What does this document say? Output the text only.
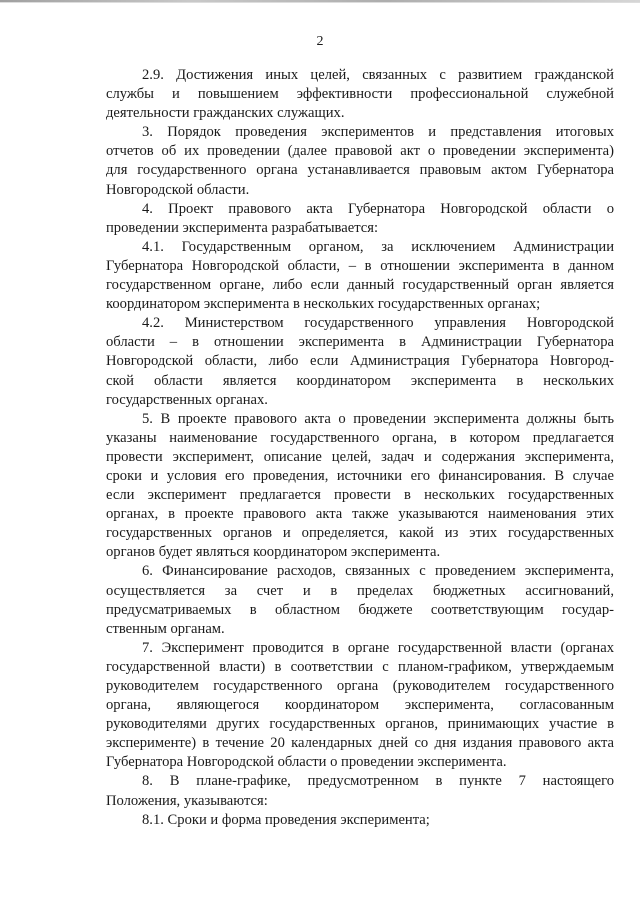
2
2.9. Достижения иных целей, связанных с развитием гражданской
службы и повышением эффективности профессиональной служебной
деятельности гражданских служащих.
3. Порядок проведения экспериментов и представления итоговых
отчетов об их проведении (далее правовой акт о проведении эксперимента)
для государственного органа устанавливается правовым актом Губернатора
Новгородской области.
4. Проект правового акта Губернатора Новгородской области о
проведении эксперимента разрабатывается:
4.1. Государственным органом, за исключением Администрации
Губернатора Новгородской области, – в отношении эксперимента в данном
государственном органе, либо если данный государственный орган является
координатором эксперимента в нескольких государственных органах;
4.2. Министерством государственного управления Новгородской
области – в отношении эксперимента в Администрации Губернатора
Новгородской области, либо если Администрация Губернатора Новгород-
ской области является координатором эксперимента в нескольких
государственных органах.
5. В проекте правового акта о проведении эксперимента должны быть
указаны наименование государственного органа, в котором предлагается
провести эксперимент, описание целей, задач и содержания эксперимента,
сроки и условия его проведения, источники его финансирования. В случае
если эксперимент предлагается провести в нескольких государственных
органах, в проекте правового акта также указываются наименования этих
государственных органов и определяется, какой из этих государственных
органов будет являться координатором эксперимента.
6. Финансирование расходов, связанных с проведением эксперимента,
осуществляется за счет и в пределах бюджетных ассигнований,
предусматриваемых в областном бюджете соответствующим государ-
ственным органам.
7. Эксперимент проводится в органе государственной власти (органах
государственной власти) в соответствии с планом-графиком, утверждаемым
руководителем государственного органа (руководителем государственного
органа, являющегося координатором эксперимента, согласованным
руководителями других государственных органов, принимающих участие в
эксперименте) в течение 20 календарных дней со дня издания правового акта
Губернатора Новгородской области о проведении эксперимента.
8. В плане-графике, предусмотренном в пункте 7 настоящего
Положения, указываются:
8.1. Сроки и форма проведения эксперимента;
